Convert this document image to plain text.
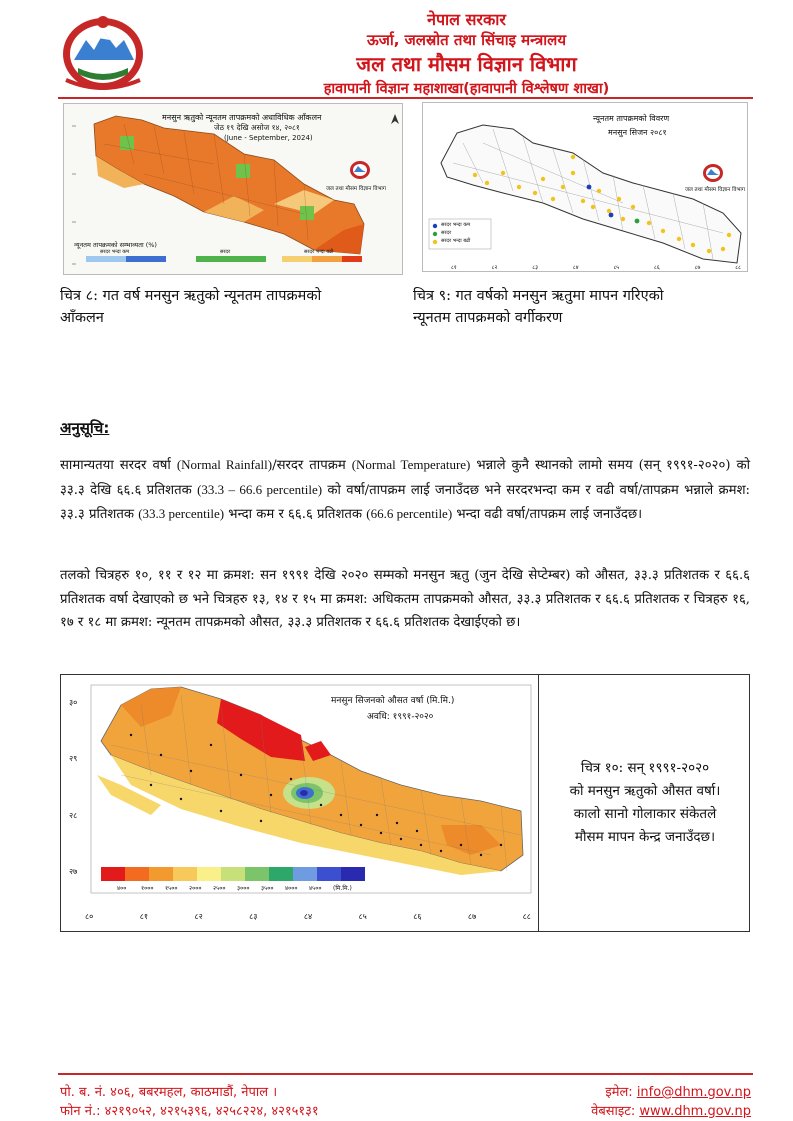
नेपाल सरकार
ऊर्जा, जलस्रोत तथा सिंचाइ मन्त्रालय
जल तथा मौसम विज्ञान विभाग
हावापानी विज्ञान महाशाखा(हावापानी विश्लेषण शाखा)
मनसुन ऋतुको न्यूनतम तापक्रमको अधाविधिक आँकलन
जेठ १९ देखि असोज १४, २०८१
(June - September, 2024)
जल तथा मौसम विज्ञान विभाग
न्यूनतम तापक्रमको सम्भाव्यता (%)
सरदर भन्दा कम	सरदर	सरदर भन्दा बढी
चित्र ८: गत वर्ष मनसुन ऋतुको न्यूनतम तापक्रमको
आँकलन
न्यूनतम तापक्रमको विवरण
मनसुन सिजन २०८१
जल तथा मौसम विज्ञान विभाग
सरदर भन्दा कम
सरदर
सरदर भन्दा बढी
८१	८२	८३	८४	८५	८६	८७	८८
चित्र ९: गत वर्षको मनसुन ऋतुमा मापन गरिएको
न्यूनतम तापक्रमको वर्गीकरण
अनुसूचि:

सामान्यतया सरदर वर्षा (Normal Rainfall)/सरदर तापक्रम (Normal Temperature) भन्नाले कुनै स्थानको लामो समय (सन् १९९१-२०२०) को ३३.३ देखि ६६.६ प्रतिशतक (33.3 – 66.6 percentile) को वर्षा/तापक्रम लाई जनाउँदछ भने सरदरभन्दा कम र वढी वर्षा/तापक्रम भन्नाले क्रमश: ३३.३ प्रतिशतक (33.3 percentile) भन्दा कम र ६६.६ प्रतिशतक (66.6 percentile) भन्दा वढी वर्षा/तापक्रम लाई जनाउँदछ।

तलको चित्रहरु १०, ११ र १२ मा क्रमश: सन १९९१ देखि २०२० सम्मको मनसुन ऋतु (जुन देखि सेप्टेम्बर) को औसत, ३३.३ प्रतिशतक र ६६.६ प्रतिशतक वर्षा देखाएको छ भने चित्रहरु १३, १४ र १५ मा क्रमश: अधिकतम तापक्रमको औसत, ३३.३ प्रतिशतक र ६६.६ प्रतिशतक र चित्रहरु १६, १७ र १८ मा क्रमश: न्यूनतम तापक्रमको औसत, ३३.३ प्रतिशतक र ६६.६ प्रतिशतक देखाईएको छ।

मनसुन सिजनको औसत वर्षा (मि.मि.)
अवधि: १९९१-२०२०
३०
२९
२८
२७
४००	१०००	१५००	२०००	२५००	३०००	३५००	४०००	४५००	(मि.मि.)
८०	८१	८२	८३	८४	८५	८६	८७	८८
चित्र १०: सन् १९९१-२०२०
को मनसुन ऋतुको औसत वर्षा।
कालो सानो गोलाकार संकेतले
मौसम मापन केन्द्र जनाउँदछ।
पो. ब. नं. ४०६, बबरमहल, काठमाडौं, नेपाल ।
फोन नं.: ४२१९०५२, ४२१५३९६, ४२५८२२४, ४२१५१३१
इमेल: info@dhm.gov.np
वेबसाइट: www.dhm.gov.np
